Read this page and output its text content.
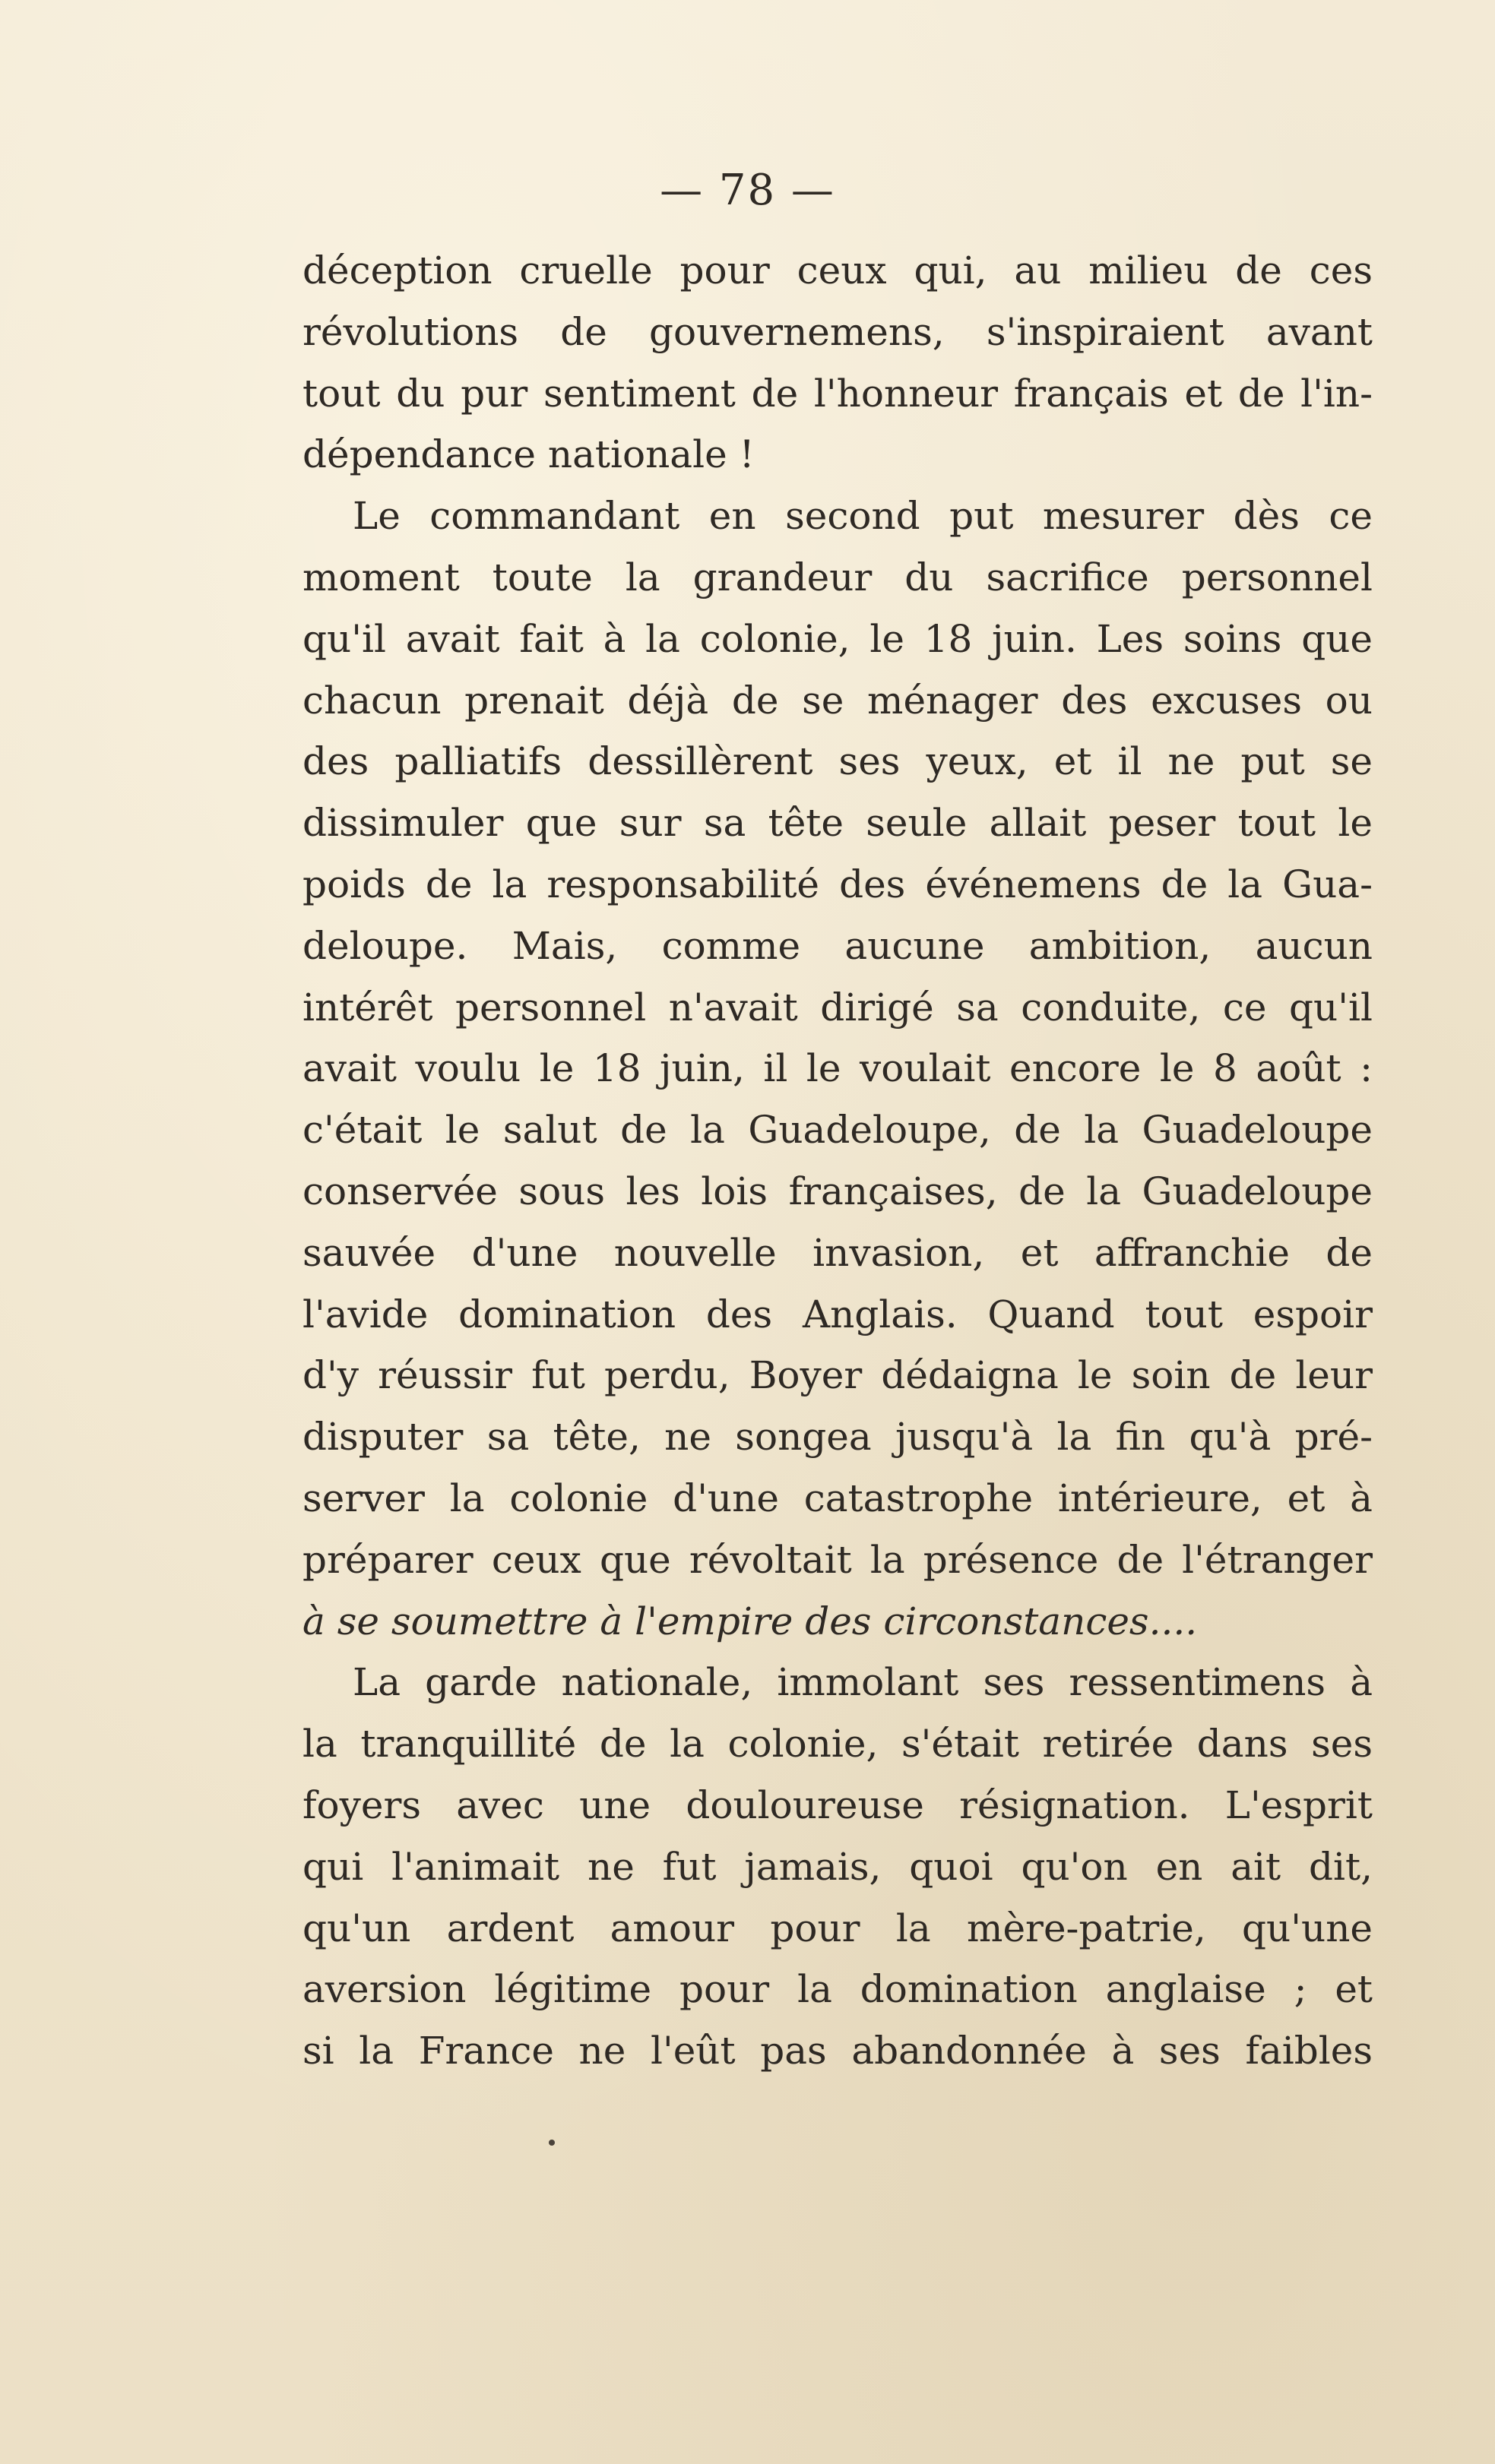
— 78 —
déception cruelle pour ceux qui, au milieu de ces
révolutions de gouvernemens, s'inspiraient avant
tout du pur sentiment de l'honneur français et de l'in-
dépendance nationale !
Le commandant en second put mesurer dès ce
moment toute la grandeur du sacrifice personnel
qu'il avait fait à la colonie, le 18 juin. Les soins que
chacun prenait déjà de se ménager des excuses ou
des palliatifs dessillèrent ses yeux, et il ne put se
dissimuler que sur sa tête seule allait peser tout le
poids de la responsabilité des événemens de la Gua-
deloupe. Mais, comme aucune ambition, aucun
intérêt personnel n'avait dirigé sa conduite, ce qu'il
avait voulu le 18 juin, il le voulait encore le 8 août :
c'était le salut de la Guadeloupe, de la Guadeloupe
conservée sous les lois françaises, de la Guadeloupe
sauvée d'une nouvelle invasion, et affranchie de
l'avide domination des Anglais. Quand tout espoir
d'y réussir fut perdu, Boyer dédaigna le soin de leur
disputer sa tête, ne songea jusqu'à la fin qu'à pré-
server la colonie d'une catastrophe intérieure, et à
préparer ceux que révoltait la présence de l'étranger
à se soumettre à l'empire des circonstances....
La garde nationale, immolant ses ressentimens à
la tranquillité de la colonie, s'était retirée dans ses
foyers avec une douloureuse résignation. L'esprit
qui l'animait ne fut jamais, quoi qu'on en ait dit,
qu'un ardent amour pour la mère-patrie, qu'une
aversion légitime pour la domination anglaise ; et
si la France ne l'eût pas abandonnée à ses faibles
